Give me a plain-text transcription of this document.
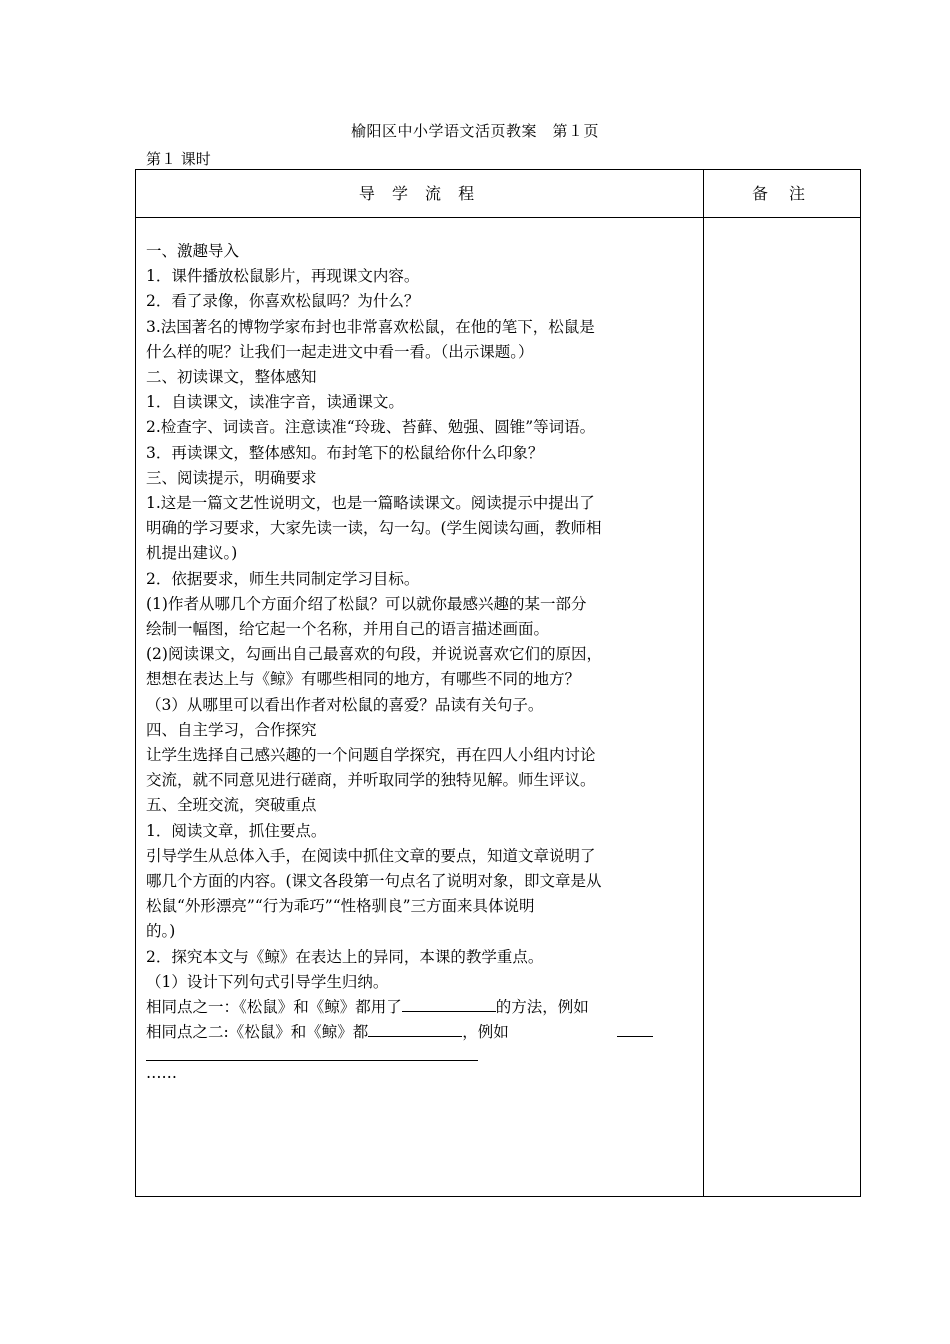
榆阳区中小学语文活页教案　第１页
第１ 课时
导 学 流 程	备 注
一、激趣导入
1．课件播放松鼠影片，再现课文内容。
2．看了录像，你喜欢松鼠吗？为什么？
3.法国著名的博物学家布封也非常喜欢松鼠，在他的笔下，松鼠是
什么样的呢？让我们一起走进文中看一看。（出示课题。）
二、初读课文，整体感知
1．自读课文，读准字音，读通课文。
2.检查字、词读音。注意读准“玲珑、苔藓、勉强、圆锥”等词语。
3．再读课文，整体感知。布封笔下的松鼠给你什么印象？
三、阅读提示，明确要求
1.这是一篇文艺性说明文，也是一篇略读课文。阅读提示中提出了
明确的学习要求，大家先读一读，勾一勾。(学生阅读勾画，教师相
机提出建议。)
2．依据要求，师生共同制定学习目标。
(1)作者从哪几个方面介绍了松鼠？可以就你最感兴趣的某一部分
绘制一幅图，给它起一个名称，并用自己的语言描述画面。
(2)阅读课文，勾画出自己最喜欢的句段，并说说喜欢它们的原因，
想想在表达上与《鲸》有哪些相同的地方，有哪些不同的地方？
（3）从哪里可以看出作者对松鼠的喜爱？品读有关句子。
四、自主学习，合作探究
让学生选择自己感兴趣的一个问题自学探究，再在四人小组内讨论
交流，就不同意见进行磋商，并听取同学的独特见解。师生评议。
五、全班交流，突破重点
1．阅读文章，抓住要点。
引导学生从总体入手，在阅读中抓住文章的要点，知道文章说明了
哪几个方面的内容。(课文各段第一句点名了说明对象，即文章是从
松鼠“外形漂亮”“行为乖巧”“性格驯良”三方面来具体说明
的。)
2．探究本文与《鲸》在表达上的异同，本课的教学重点。
（1）设计下列句式引导学生归纳。
相同点之一：《松鼠》和《鲸》都用了	的方法，例如
相同点之二:《松鼠》和《鲸》都	，例如
……
